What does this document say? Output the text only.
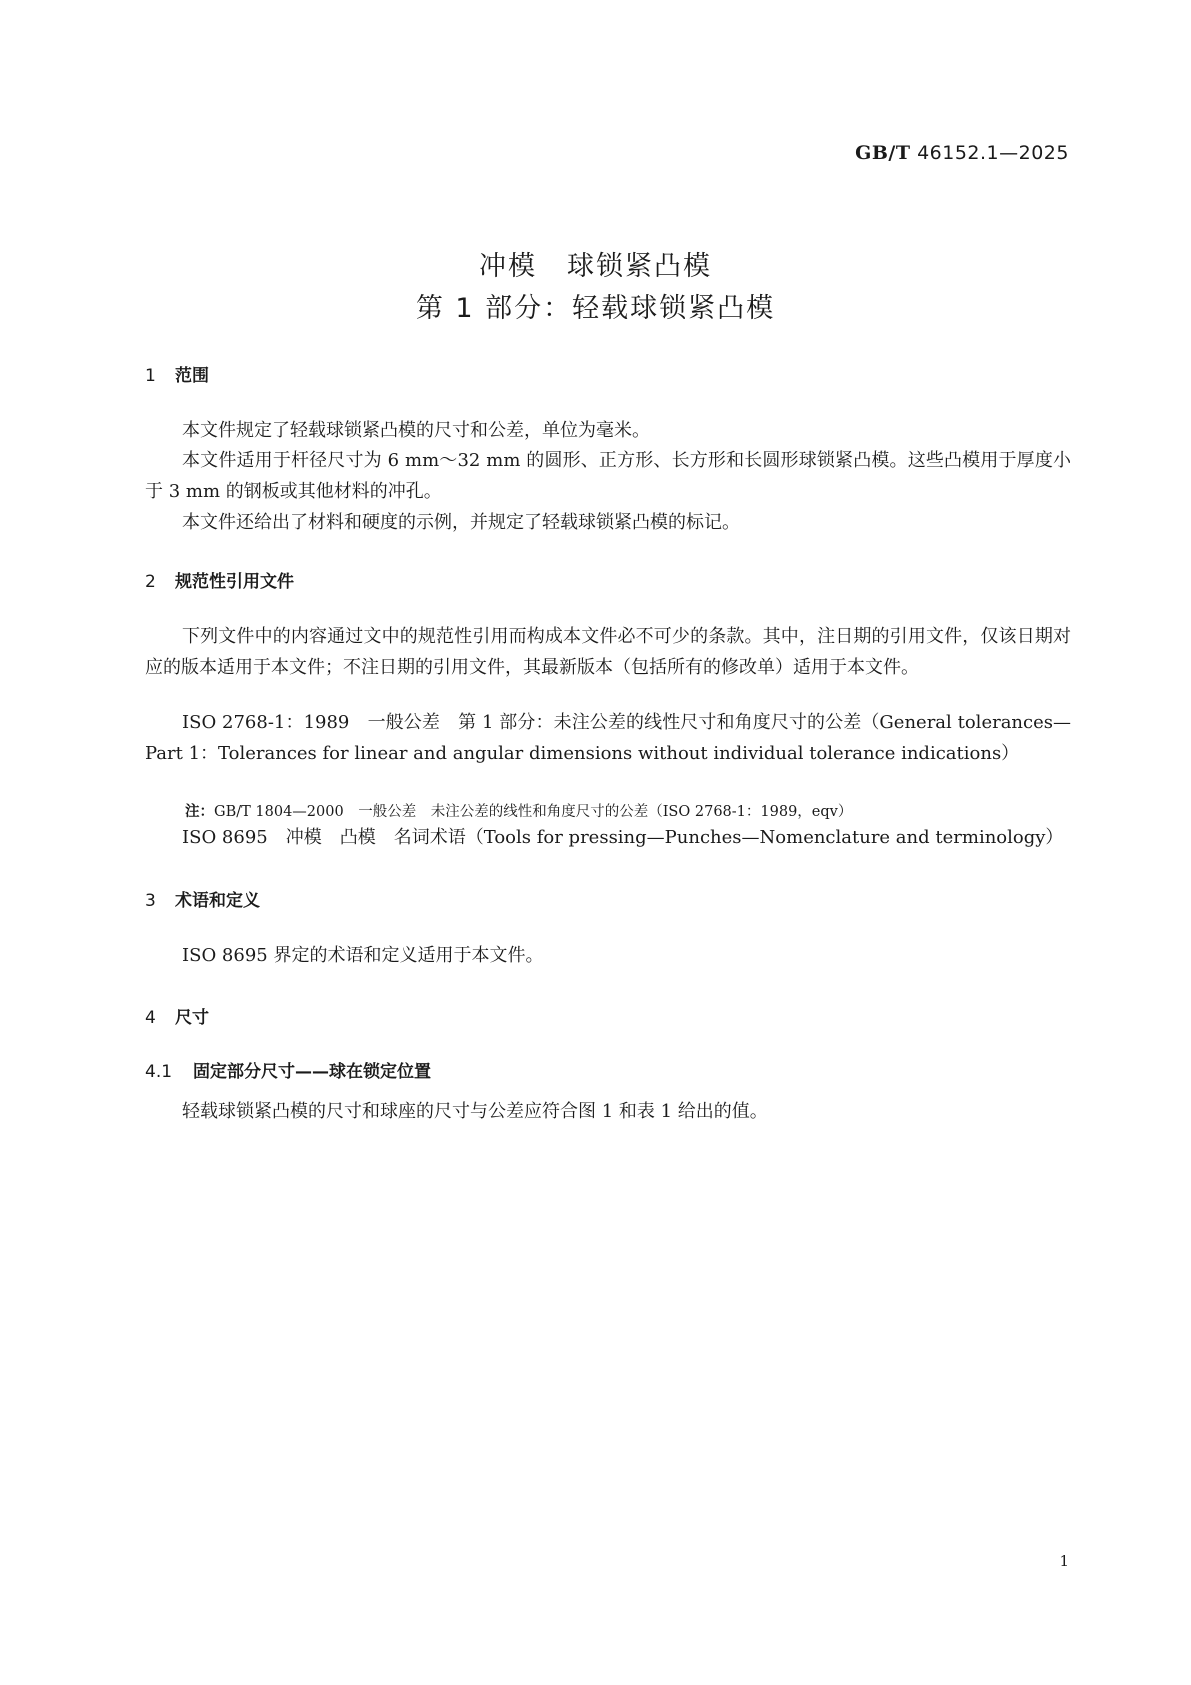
GB/T 46152.1—2025
冲模 球锁紧凸模
第 1 部分：轻载球锁紧凸模
1 范围
本文件规定了轻载球锁紧凸模的尺寸和公差，单位为毫米。
本文件适用于杆径尺寸为 6 mm～32 mm 的圆形、正方形、长方形和长圆形球锁紧凸模。这些凸模用于厚度小于 3 mm 的钢板或其他材料的冲孔。
本文件还给出了材料和硬度的示例，并规定了轻载球锁紧凸模的标记。
2 规范性引用文件
下列文件中的内容通过文中的规范性引用而构成本文件必不可少的条款。其中，注日期的引用文件，仅该日期对应的版本适用于本文件；不注日期的引用文件，其最新版本（包括所有的修改单）适用于本文件。
ISO 2768-1：1989　一般公差　第 1 部分：未注公差的线性尺寸和角度尺寸的公差（General tolerances—Part 1：Tolerances for linear and angular dimensions without individual tolerance indications）
注：GB/T 1804—2000　一般公差　未注公差的线性和角度尺寸的公差（ISO 2768-1：1989，eqv）
ISO 8695　冲模　凸模　名词术语（Tools for pressing—Punches—Nomenclature and terminology）
3 术语和定义
ISO 8695 界定的术语和定义适用于本文件。
4 尺寸
4.1 固定部分尺寸——球在锁定位置
轻载球锁紧凸模的尺寸和球座的尺寸与公差应符合图 1 和表 1 给出的值。
1
